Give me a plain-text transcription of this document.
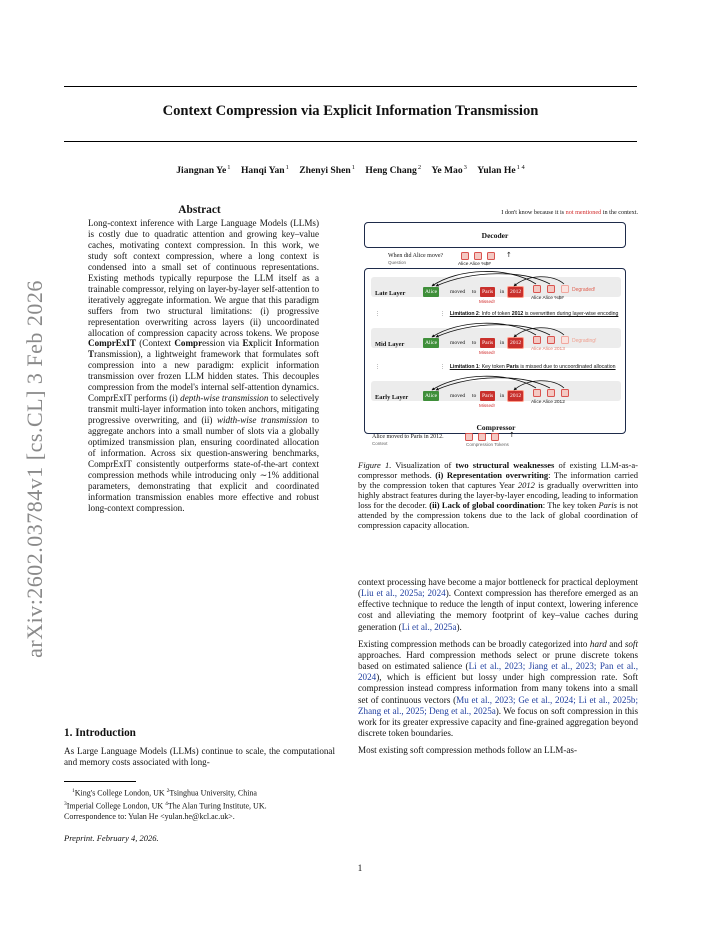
arXiv:2602.03784v1 [cs.CL] 3 Feb 2026
Context Compression via Explicit Information Transmission
Jiangnan Ye$^1$ Hanqi Yan$^1$ Zhenyi Shen$^1$ Heng Chang$^2$ Ye Mao$^3$ Yulan $He^{1 4}$
Abstract
Long-context inference with Large Language Models (LLMs) is costly due to quadratic attention and growing key–value caches, motivating context compression. In this work, we study soft context compression, where a long context is condensed into a small set of continuous representations. Existing methods typically repurpose the LLM itself as a trainable compressor, relying on layer-by-layer self-attention to iteratively aggregate information. We argue that this paradigm suffers from two structural limitations: (i) progressive representation overwriting across layers (ii) uncoordinated allocation of compression capacity across tokens. We propose ComprExIT (Context Compression via Explicit Information Transmission), a lightweight framework that formulates soft compression into a new paradigm: explicit information transmission over frozen LLM hidden states. This decouples compression from the model's internal self-attention dynamics. ComprExIT performs (i) depth-wise transmission to selectively transmit multi-layer information into token anchors, mitigating progressive overwriting, and (ii) width-wise transmission to aggregate anchors into a small number of slots via a globally optimized transmission plan, ensuring coordinated allocation of information. Across six question-answering benchmarks, ComprExIT consistently outperforms state-of-the-art context compression methods while introducing only ∼1% additional parameters, demonstrating that explicit and coordinated information transmission enables more effective and robust long-context compression.
1. Introduction
As Large Language Models (LLMs) continue to scale, the computational and memory costs associated with long-
$^1$King's College London, UK $^2$Tsinghua University, China
$^3$Imperial College London, UK $^4$The Alan Turing Institute, UK.
Correspondence to: Yulan He <yulan.he@kcl.ac.uk>.
Preprint. February 4, 2026.
I don't know because it is not mentioned in the context.
Decoder
When did Alice move?
Question	Alice Alice %$#
↑
Late Layer	Alice	moved to	Paris	in	2012
Missed!
Alice Alice %$#
Degraded!
⋮	⋮   Limitation 2: Info of token 2012 is overwritten during layer-wise encoding
Mid Layer	Alice	moved to	Paris	in	2012
Missed!
Alice Alice 2013
Degrading!
⋮	⋮   Limitation 1: Key token Paris is missed due to uncoordinated allocation
Early Layer	Alice	moved to	Paris	in	2012
Missed!
Alice Alice 2012
Compressor
Alice moved to Paris in 2012.
Context	Compression Tokens
↑
Figure 1. Visualization of two structural weaknesses of existing LLM-as-a-compressor methods. (i) Representation overwriting: The information carried by the compression token that captures Year 2012 is gradually overwritten into highly abstract features during the layer-by-layer encoding, leading to information loss for the decoder. (ii) Lack of global coordination: The key token Paris is not attended by the compression tokens due to the lack of global coordination of compression capacity allocation.

context processing have become a major bottleneck for practical deployment (Liu et al., 2025a; 2024). Context compression has therefore emerged as an effective technique to reduce the length of input context, lowering inference cost and alleviating the memory footprint of key–value caches during generation (Li et al., 2025a).

Existing compression methods can be broadly categorized into hard and soft approaches. Hard compression methods select or prune discrete tokens based on estimated salience (Li et al., 2023; Jiang et al., 2023; Pan et al., 2024), which is efficient but lossy under high compression rate. Soft compression instead compress information from many tokens into a small set of continuous vectors (Mu et al., 2023; Ge et al., 2024; Li et al., 2025b; Zhang et al., 2025; Deng et al., 2025a). We focus on soft compression in this work for its greater expressive capacity and fine-grained aggregation beyond discrete token boundaries.

Most existing soft compression methods follow an LLM-as-

1
